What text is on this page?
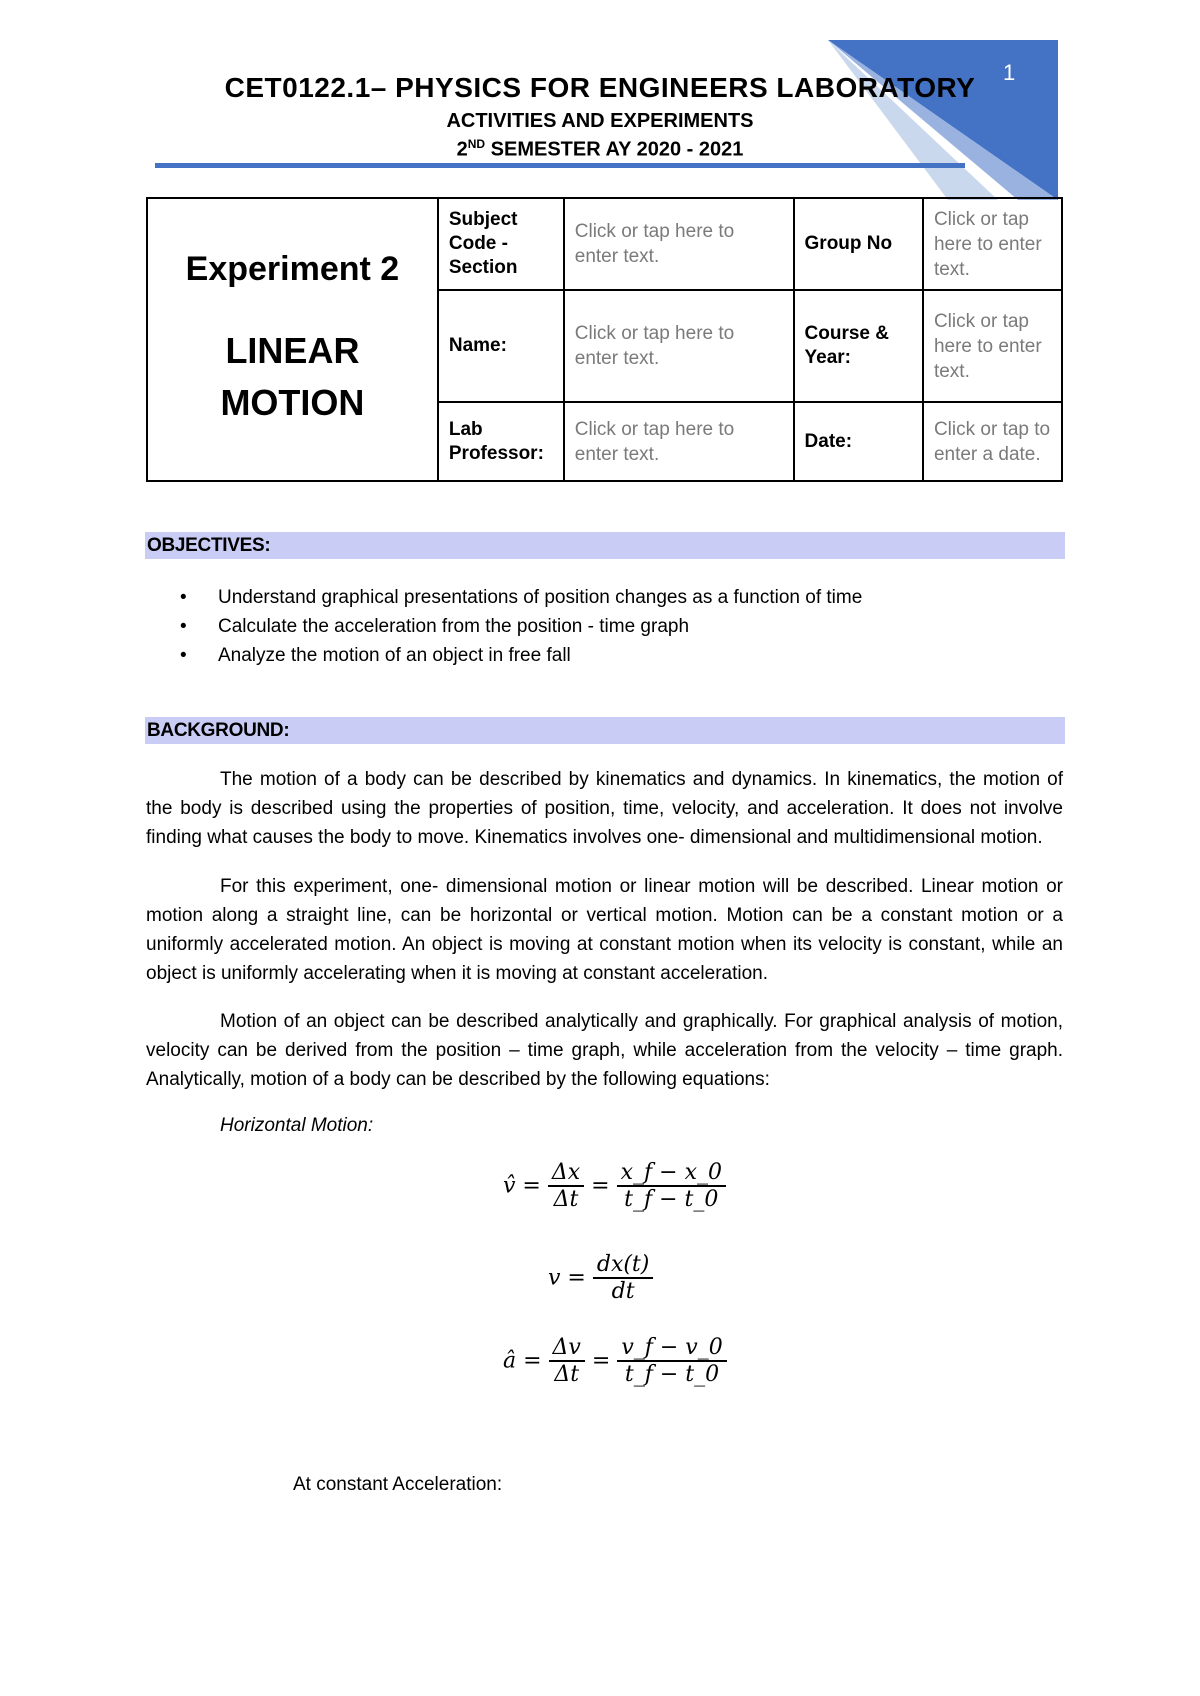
1
CET0122.1– PHYSICS FOR ENGINEERS LABORATORY
ACTIVITIES AND EXPERIMENTS
2ND SEMESTER AY 2020 - 2021
Experiment 2
LINEAR
MOTION	Subject Code - Section	Click or tap here to enter text.	Group No	Click or tap here to enter text.

	Name:	Click or tap here to enter text.	Course & Year:	Click or tap here to enter text.

	Lab Professor:	Click or tap here to enter text.	Date:	Click or tap to enter a date.
OBJECTIVES:
• Understand graphical presentations of position changes as a function of time
• Calculate the acceleration from the position - time graph
• Analyze the motion of an object in free fall
BACKGROUND:
The motion of a body can be described by kinematics and dynamics. In kinematics, the motion of the body is described using the properties of position, time, velocity, and acceleration. It does not involve finding what causes the body to move. Kinematics involves one- dimensional and multidimensional motion.
For this experiment, one- dimensional motion or linear motion will be described. Linear motion or motion along a straight line, can be horizontal or vertical motion. Motion can be a constant motion or a uniformly accelerated motion. An object is moving at constant motion when its velocity is constant, while an object is uniformly accelerating when it is moving at constant acceleration.
Motion of an object can be described analytically and graphically. For graphical analysis of motion, velocity can be derived from the position – time graph, while acceleration from the velocity – time graph. Analytically, motion of a body can be described by the following equations:
Horizontal Motion:
v̂ = $\frac{\Delta x}{\Delta t} = \frac{x\_f - x\_0}{t\_f - t\_0}$
$v = \frac{dx(t)}{dt}$
â = $\frac{\Delta v}{\Delta t} = \frac{v\_f - v\_0}{t\_f - t\_0}$
At constant Acceleration:
